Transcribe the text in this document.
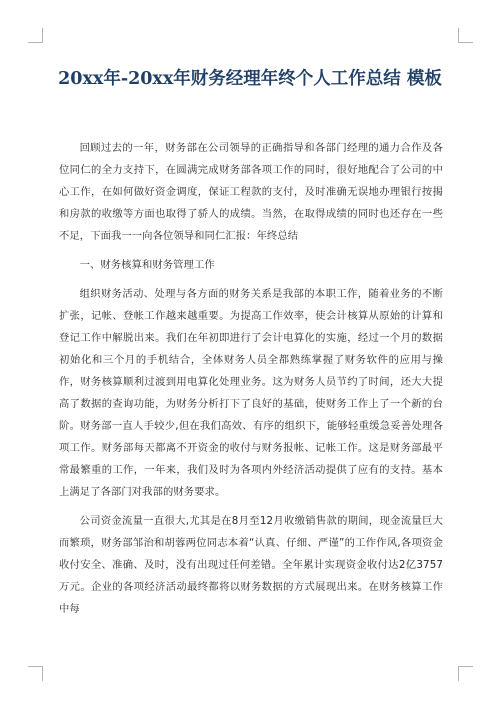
20xx年-20xx年财务经理年终个人工作总结 模板

回顾过去的一年，财务部在公司领导的正确指导和各部门经理的通力合作及各位同仁的全力支持下，在圆满完成财务部各项工作的同时，很好地配合了公司的中心工作，在如何做好资金调度，保证工程款的支付，及时准确无误地办理银行按揭和房款的收缴等方面也取得了骄人的成绩。当然，在取得成绩的同时也还存在一些不足，下面我一一向各位领导和同仁汇报：年终总结

一、财务核算和财务管理工作

组织财务活动、处理与各方面的财务关系是我部的本职工作，随着业务的不断扩张，记帐、登帐工作越来越重要。为提高工作效率，使会计核算从原始的计算和登记工作中解脱出来。我们在年初即进行了会计电算化的实施，经过一个月的数据初始化和三个月的手机结合，全体财务人员全都熟练掌握了财务软件的应用与操作，财务核算顺利过渡到用电算化处理业务。这为财务人员节约了时间，还大大提高了数据的查询功能，为财务分析打下了良好的基础，使财务工作上了一个新的台阶。财务部一直人手较少,但在我们高效、有序的组织下，能够轻重缓急妥善处理各项工作。财务部每天都离不开资金的收付与财务报帐、记帐工作。这是财务部最平常最繁重的工作，一年来，我们及时为各项内外经济活动提供了应有的支持。基本上满足了各部门对我部的财务要求。

公司资金流量一直很大,尤其是在8月至12月收缴销售款的期间，现金流量巨大而繁琐，财务部邹治和胡蓉两位同志本着“认真、仔细、严谨”的工作作风,各项资金收付安全、准确、及时，没有出现过任何差错。全年累计实现资金收付达2亿3757万元。企业的各项经济活动最终都将以财务数据的方式展现出来。在财务核算工作中每
